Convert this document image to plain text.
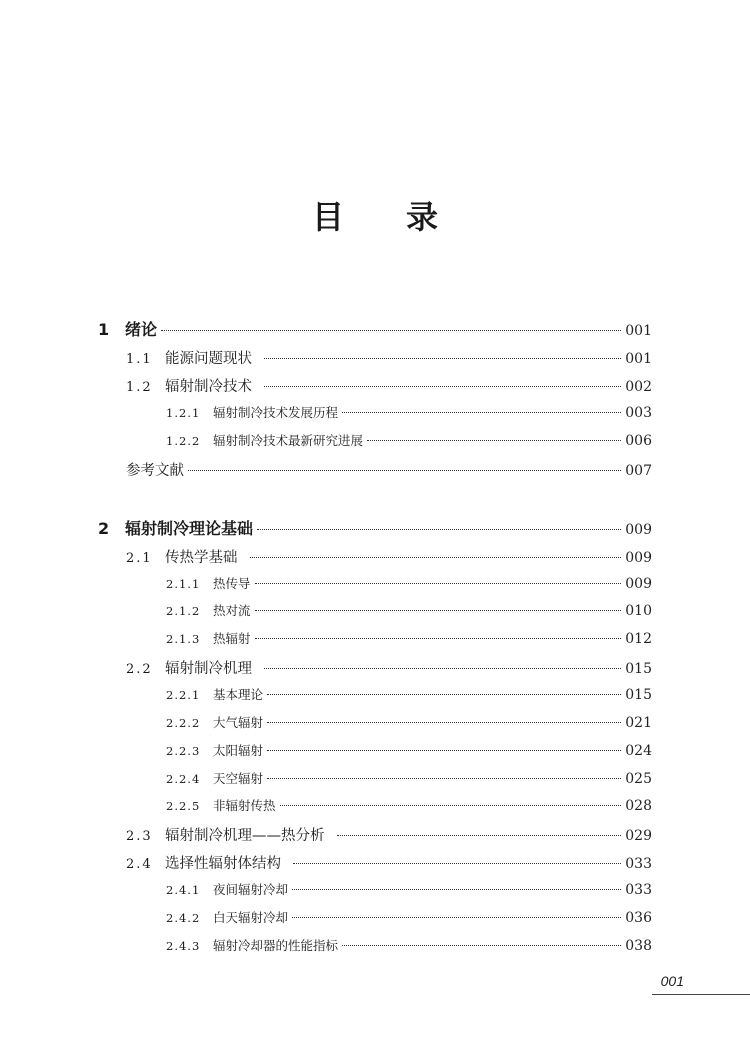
目 录
1 绪论	001
1.1 能源问题现状	001
1.2 辐射制冷技术	002
1.2.1	辐射制冷技术发展历程	003
1.2.2	辐射制冷技术最新研究进展	006
参考文献	007
2 辐射制冷理论基础	009
2.1 传热学基础	009
2.1.1	热传导	009
2.1.2	热对流	010
2.1.3	热辐射	012
2.2 辐射制冷机理	015
2.2.1	基本理论	015
2.2.2	大气辐射	021
2.2.3	太阳辐射	024
2.2.4	天空辐射	025
2.2.5	非辐射传热	028
2.3 辐射制冷机理——热分析	029
2.4 选择性辐射体结构	033
2.4.1	夜间辐射冷却	033
2.4.2	白天辐射冷却	036
2.4.3	辐射冷却器的性能指标	038
001
